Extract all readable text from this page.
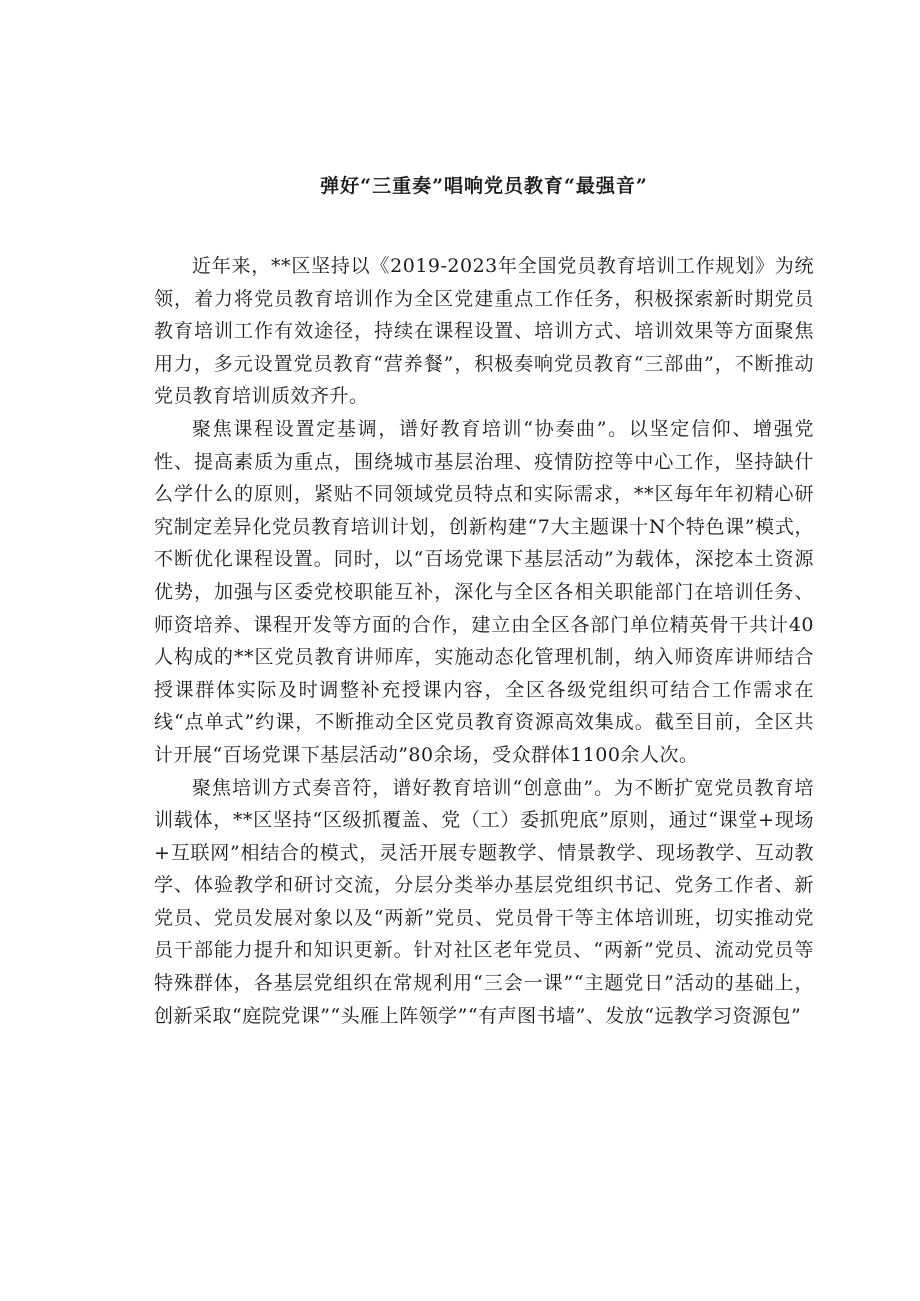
弹好“三重奏”唱响党员教育“最强音”

近年来，**区坚持以《2019-2023年全国党员教育培训工作规划》为统领，着力将党员教育培训作为全区党建重点工作任务，积极探索新时期党员教育培训工作有效途径，持续在课程设置、培训方式、培训效果等方面聚焦用力，多元设置党员教育“营养餐”，积极奏响党员教育“三部曲”，不断推动党员教育培训质效齐升。

聚焦课程设置定基调，谱好教育培训“协奏曲”。以坚定信仰、增强党性、提高素质为重点，围绕城市基层治理、疫情防控等中心工作，坚持缺什么学什么的原则，紧贴不同领域党员特点和实际需求，**区每年年初精心研究制定差异化党员教育培训计划，创新构建“7大主题课十N个特色课”模式，不断优化课程设置。同时，以“百场党课下基层活动”为载体，深挖本土资源优势，加强与区委党校职能互补，深化与全区各相关职能部门在培训任务、师资培养、课程开发等方面的合作，建立由全区各部门单位精英骨干共计40人构成的**区党员教育讲师库，实施动态化管理机制，纳入师资库讲师结合授课群体实际及时调整补充授课内容，全区各级党组织可结合工作需求在线“点单式”约课，不断推动全区党员教育资源高效集成。截至目前，全区共计开展“百场党课下基层活动”80余场，受众群体1100余人次。

聚焦培训方式奏音符，谱好教育培训“创意曲”。为不断扩宽党员教育培训载体，**区坚持“区级抓覆盖、党（工）委抓兜底”原则，通过“课堂+现场+互联网”相结合的模式，灵活开展专题教学、情景教学、现场教学、互动教学、体验教学和研讨交流，分层分类举办基层党组织书记、党务工作者、新党员、党员发展对象以及“两新”党员、党员骨干等主体培训班，切实推动党员干部能力提升和知识更新。针对社区老年党员、“两新”党员、流动党员等特殊群体，各基层党组织在常规利用“三会一课”“主题党日”活动的基础上，创新采取“庭院党课”“头雁上阵领学”“有声图书墙”、发放“远教学习资源包”
